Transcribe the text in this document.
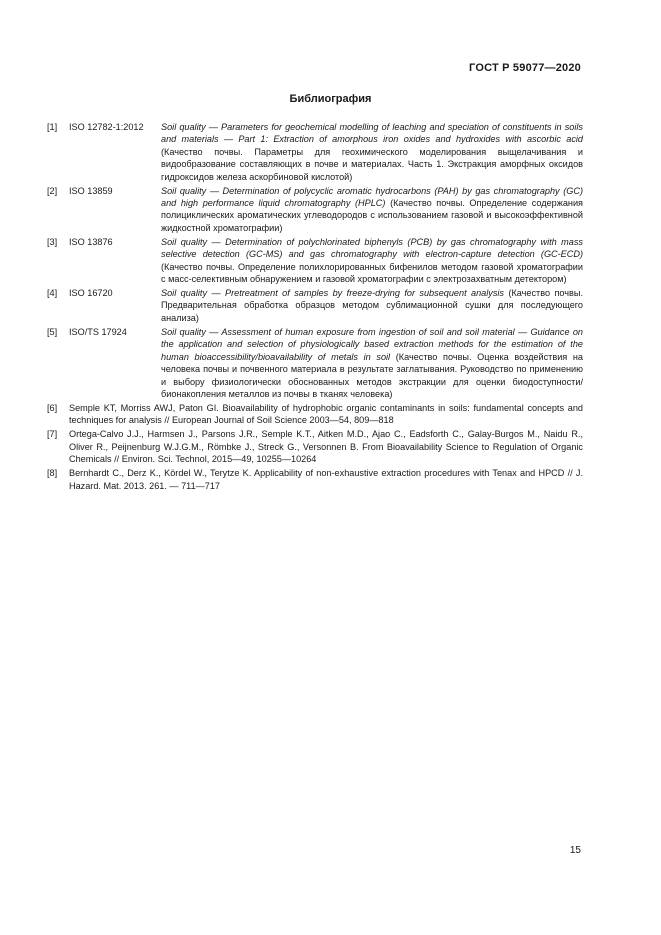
ГОСТ Р 59077—2020
Библиография
[1]	ISO 12782-1:2012	Soil quality — Parameters for geochemical modelling of leaching and speciation of constituents in soils and materials — Part 1: Extraction of amorphous iron oxides and hydroxides with ascorbic acid (Качество почвы. Параметры для геохимического моделирования выщелачивания и видообразование составляющих в почве и материалах. Часть 1. Экстракция аморфных оксидов гидроксидов железа аскорбиновой кислотой)
[2]	ISO 13859	Soil quality — Determination of polycyclic aromatic hydrocarbons (PAH) by gas chromatography (GC) and high performance liquid chromatography (HPLC) (Качество почвы. Определение содержания полициклических ароматических углеводородов с использованием газовой и высокоэффективной жидкостной хроматографии)
[3]	ISO 13876	Soil quality — Determination of polychlorinated biphenyls (PCB) by gas chromatography with mass selective detection (GC-MS) and gas chromatography with electron-capture detection (GC-ECD) (Качество почвы. Определение полихлорированных бифенилов методом газовой хроматографии с масс-селективным обнаружением и газовой хроматографии с электрозахватным детектором)
[4]	ISO 16720	Soil quality — Pretreatment of samples by freeze-drying for subsequent analysis (Качество почвы. Предварительная обработка образцов методом сублимационной сушки для последующего анализа)
[5]	ISO/TS 17924	Soil quality — Assessment of human exposure from ingestion of soil and soil material — Guidance on the application and selection of physiologically based extraction methods for the estimation of the human bioaccessibility/bioavailability of metals in soil (Качество почвы. Оценка воздействия на человека почвы и почвенного материала в результате заглатывания. Руководство по применению и выбору физиологически обоснованных методов экстракции для оценки биодоступности/бионакопления металлов из почвы в тканях человека)
[6]	Semple KT, Morriss AWJ, Paton GI. Bioavailability of hydrophobic organic contaminants in soils: fundamental concepts and techniques for analysis // European Journal of Soil Science 2003—54, 809—818
[7]	Ortega-Calvo J.J., Harmsen J., Parsons J.R., Semple K.T., Aitken M.D., Ajao C., Eadsforth C., Galay-Burgos M., Naidu R., Oliver R., Peijnenburg W.J.G.M., Römbke J., Streck G., Versonnen B. From Bioavailability Science to Regulation of Organic Chemicals // Environ. Sci. Technol, 2015—49, 10255—10264
[8]	Bernhardt C., Derz K., Kördel W., Terytze K. Applicability of non-exhaustive extraction procedures with Tenax and HPCD // J. Hazard. Mat. 2013. 261. — 711—717
15
